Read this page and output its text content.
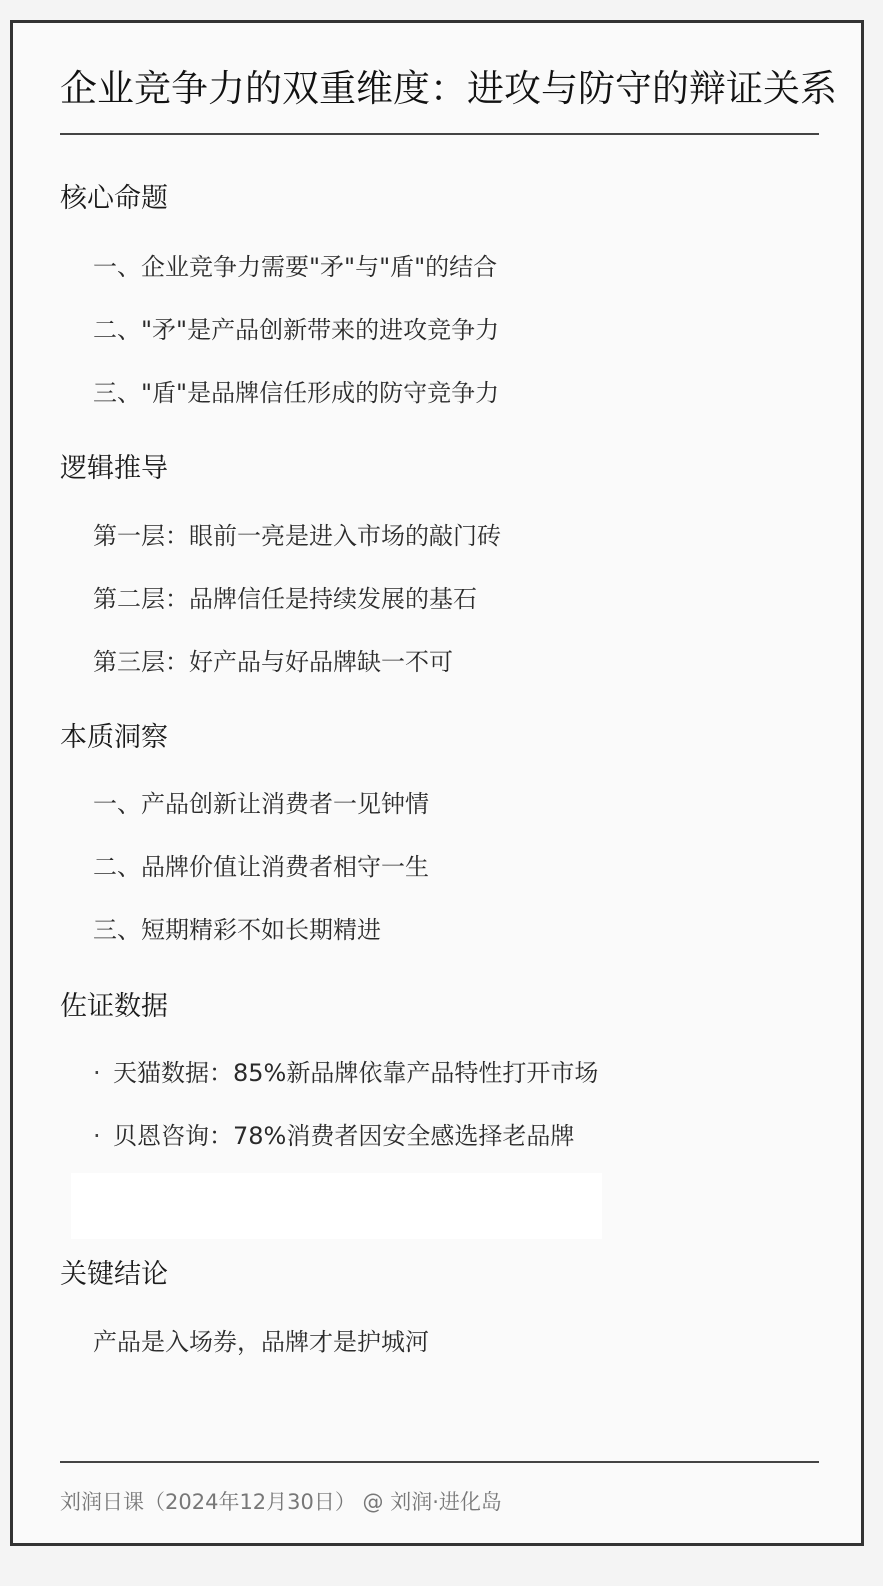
企业竞争力的双重维度：进攻与防守的辩证关系
核心命题
一、企业竞争力需要"矛"与"盾"的结合
二、"矛"是产品创新带来的进攻竞争力
三、"盾"是品牌信任形成的防守竞争力
逻辑推导
第一层：眼前一亮是进入市场的敲门砖
第二层：品牌信任是持续发展的基石
第三层：好产品与好品牌缺一不可
本质洞察
一、产品创新让消费者一见钟情
二、品牌价值让消费者相守一生
三、短期精彩不如长期精进
佐证数据
· 天猫数据：85%新品牌依靠产品特性打开市场
· 贝恩咨询：78%消费者因安全感选择老品牌
关键结论
产品是入场券，品牌才是护城河
刘润日课（2024年12月30日） @ 刘润·进化岛
